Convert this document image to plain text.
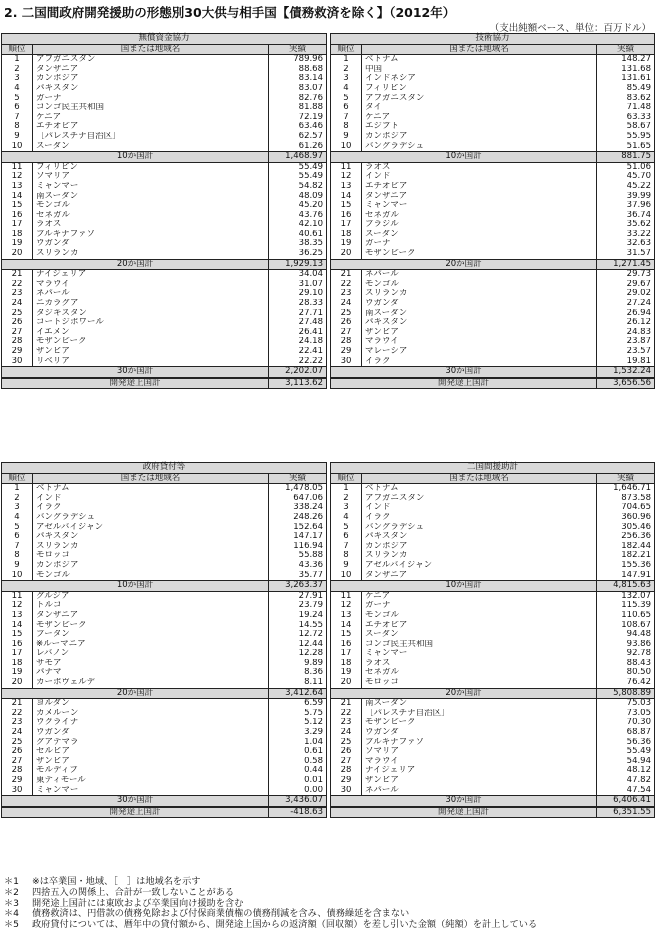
2. 二国間政府開発援助の形態別30大供与相手国【債務救済を除く】（2012年）
（支出純額ベース、単位：百万ドル）
無償資金協力
順位	国または地域名	実績
1	アフガニスタン	789.96
2	タンザニア	88.68
3	カンボジア	83.14
4	パキスタン	83.07
5	ガーナ	82.76
6	コンゴ民主共和国	81.88
7	ケニア	72.19
8	エチオピア	63.46
9	［パレスチナ自治区］	62.57
10	スーダン	61.26
10か国計	1,468.97
11	フィリピン	55.49
12	ソマリア	55.49
13	ミャンマー	54.82
14	南スーダン	48.09
15	モンゴル	45.20
16	セネガル	43.76
17	ラオス	42.10
18	ブルキナファソ	40.61
19	ウガンダ	38.35
20	スリランカ	36.25
20か国計	1,929.13
21	ナイジェリア	34.04
22	マラウイ	31.07
23	ネパール	29.10
24	ニカラグア	28.33
25	タジキスタン	27.71
26	コートジボワール	27.48
27	イエメン	26.41
28	モザンビーク	24.18
29	ザンビア	22.41
30	リベリア	22.22
30か国計	2,202.07
開発途上国計	3,113.62
技術協力
順位	国または地域名	実績
1	ベトナム	148.27
2	中国	131.68
3	インドネシア	131.61
4	フィリピン	85.49
5	アフガニスタン	83.62
6	タイ	71.48
7	ケニア	63.33
8	エジプト	58.67
9	カンボジア	55.95
10	バングラデシュ	51.65
10か国計	881.75
11	ラオス	51.06
12	インド	45.70
13	エチオピア	45.22
14	タンザニア	39.99
15	ミャンマー	37.96
16	セネガル	36.74
17	ブラジル	35.62
18	スーダン	33.22
19	ガーナ	32.63
20	モザンビーク	31.57
20か国計	1,271.45
21	ネパール	29.73
22	モンゴル	29.67
23	スリランカ	29.02
24	ウガンダ	27.24
25	南スーダン	26.94
26	パキスタン	26.12
27	ザンビア	24.83
28	マラウイ	23.87
29	マレーシア	23.57
30	イラク	19.81
30か国計	1,532.24
開発途上国計	3,656.56
政府貸付等
順位	国または地域名	実績
1	ベトナム	1,478.05
2	インド	647.06
3	イラク	338.24
4	バングラデシュ	248.26
5	アゼルバイジャン	152.64
6	パキスタン	147.17
7	スリランカ	116.94
8	モロッコ	55.88
9	カンボジア	43.36
10	モンゴル	35.77
10か国計	3,263.37
11	グルジア	27.91
12	トルコ	23.79
13	タンザニア	19.24
14	モザンビーク	14.55
15	ブータン	12.72
16	※ルーマニア	12.44
17	レバノン	12.28
18	サモア	9.89
19	パナマ	8.36
20	カーボヴェルデ	8.11
20か国計	3,412.64
21	ヨルダン	6.59
22	カメルーン	5.75
23	ウクライナ	5.12
24	ウガンダ	3.29
25	グアテマラ	1.04
26	セルビア	0.61
27	ザンビア	0.58
28	モルディブ	0.44
29	東ティモール	0.01
30	ミャンマー	0.00
30か国計	3,436.07
開発途上国計	-418.63
二国間援助計
順位	国または地域名	実績
1	ベトナム	1,646.71
2	アフガニスタン	873.58
3	インド	704.65
4	イラク	360.96
5	バングラデシュ	305.46
6	パキスタン	256.36
7	カンボジア	182.44
8	スリランカ	182.21
9	アゼルバイジャン	155.36
10	タンザニア	147.91
10か国計	4,815.63
11	ケニア	132.07
12	ガーナ	115.39
13	モンゴル	110.65
14	エチオピア	108.67
15	スーダン	94.48
16	コンゴ民主共和国	93.86
17	ミャンマー	92.78
18	ラオス	88.43
19	セネガル	80.50
20	モロッコ	76.42
20か国計	5,808.89
21	南スーダン	75.03
22	［パレスチナ自治区］	73.05
23	モザンビーク	70.30
24	ウガンダ	68.87
25	ブルキナファソ	56.36
26	ソマリア	55.49
27	マラウイ	54.94
28	ナイジェリア	48.12
29	ザンビア	47.82
30	ネパール	47.54
30か国計	6,406.41
開発途上国計	6,351.55
＊1	※は卒業国・地域、［　］は地域名を示す
＊2	四捨五入の関係上、合計が一致しないことがある
＊3	開発途上国計には東欧および卒業国向け援助を含む
＊4	債務救済は、円借款の債務免除および付保商業債権の債務削減を含み、債務繰延を含まない
＊5	政府貸付については、暦年中の貸付額から、開発途上国からの返済額（回収額）を差し引いた金額（純額）を計上している
